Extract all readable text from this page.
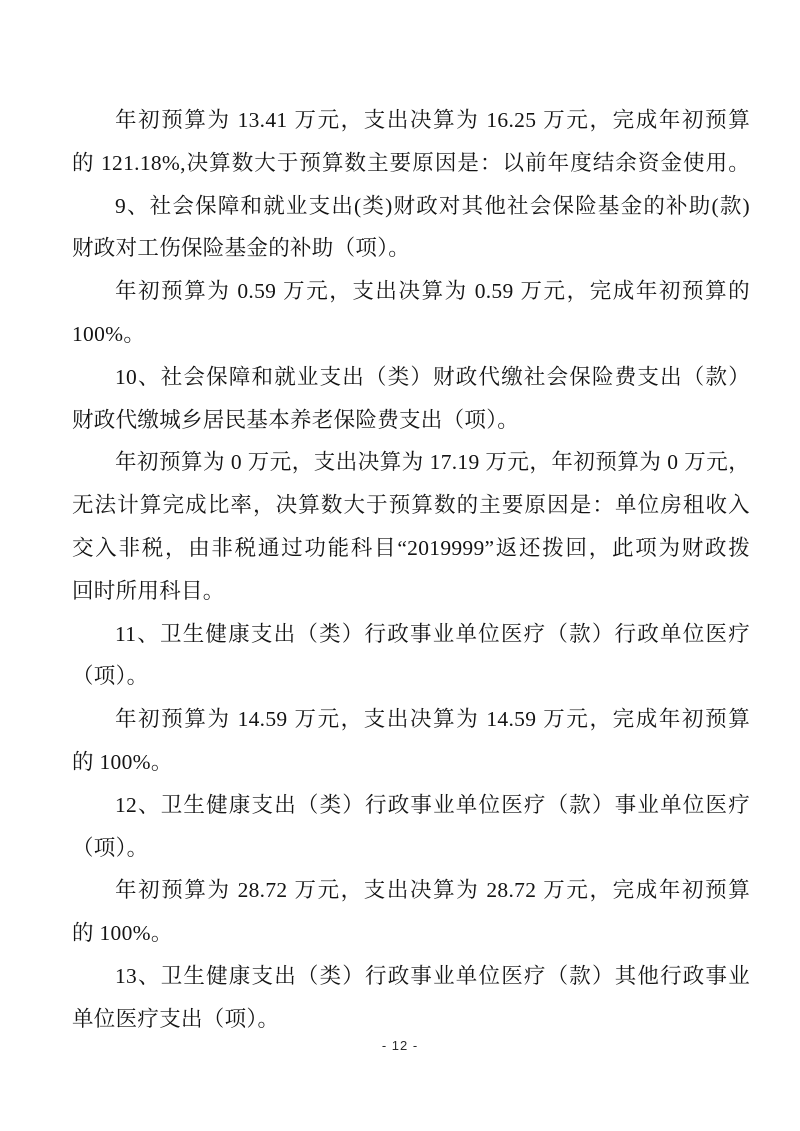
年初预算为 13.41 万元，支出决算为 16.25 万元，完成年初预算
的 121.18%,决算数大于预算数主要原因是：以前年度结余资金使用。
9、社会保障和就业支出(类)财政对其他社会保险基金的补助(款)
财政对工伤保险基金的补助（项）。
年初预算为 0.59 万元，支出决算为 0.59 万元，完成年初预算的
100%。
10、社会保障和就业支出（类）财政代缴社会保险费支出（款）
财政代缴城乡居民基本养老保险费支出（项）。
年初预算为 0 万元，支出决算为 17.19 万元，年初预算为 0 万元，
无法计算完成比率，决算数大于预算数的主要原因是：单位房租收入
交入非税，由非税通过功能科目“2019999”返还拨回，此项为财政拨
回时所用科目。
11、卫生健康支出（类）行政事业单位医疗（款）行政单位医疗
（项）。
年初预算为 14.59 万元，支出决算为 14.59 万元，完成年初预算
的 100%。
12、卫生健康支出（类）行政事业单位医疗（款）事业单位医疗
（项）。
年初预算为 28.72 万元，支出决算为 28.72 万元，完成年初预算
的 100%。
13、卫生健康支出（类）行政事业单位医疗（款）其他行政事业
单位医疗支出（项）。
- 12 -
